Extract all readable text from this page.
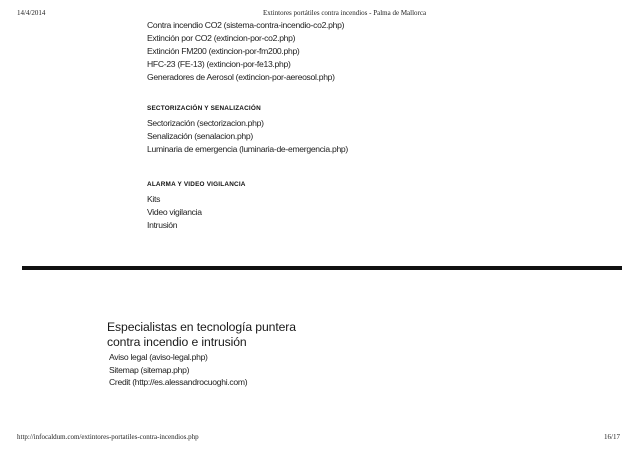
14/4/2014	Extintores portátiles contra incendios - Palma de Mallorca
Contra incendio CO2 (sistema-contra-incendio-co2.php)
Extinción por CO2 (extincion-por-co2.php)
Extinción FM200 (extincion-por-fm200.php)
HFC-23 (FE-13) (extincion-por-fe13.php)
Generadores de Aerosol (extincion-por-aereosol.php)
SECTORIZACIÓN Y SENALIZACIÓN
Sectorización (sectorizacion.php)
Senalización (senalacion.php)
Luminaria de emergencia (luminaria-de-emergencia.php)
ALARMA Y VIDEO VIGILANCIA
Kits
Video vigilancia
Intrusión
Especialistas en tecnología puntera
contra incendio e intrusión
Aviso legal (aviso-legal.php)
Sitemap (sitemap.php)
Credit (http://es.alessandrocuoghi.com)
http://infocaldum.com/extintores-portatiles-contra-incendios.php	16/17
